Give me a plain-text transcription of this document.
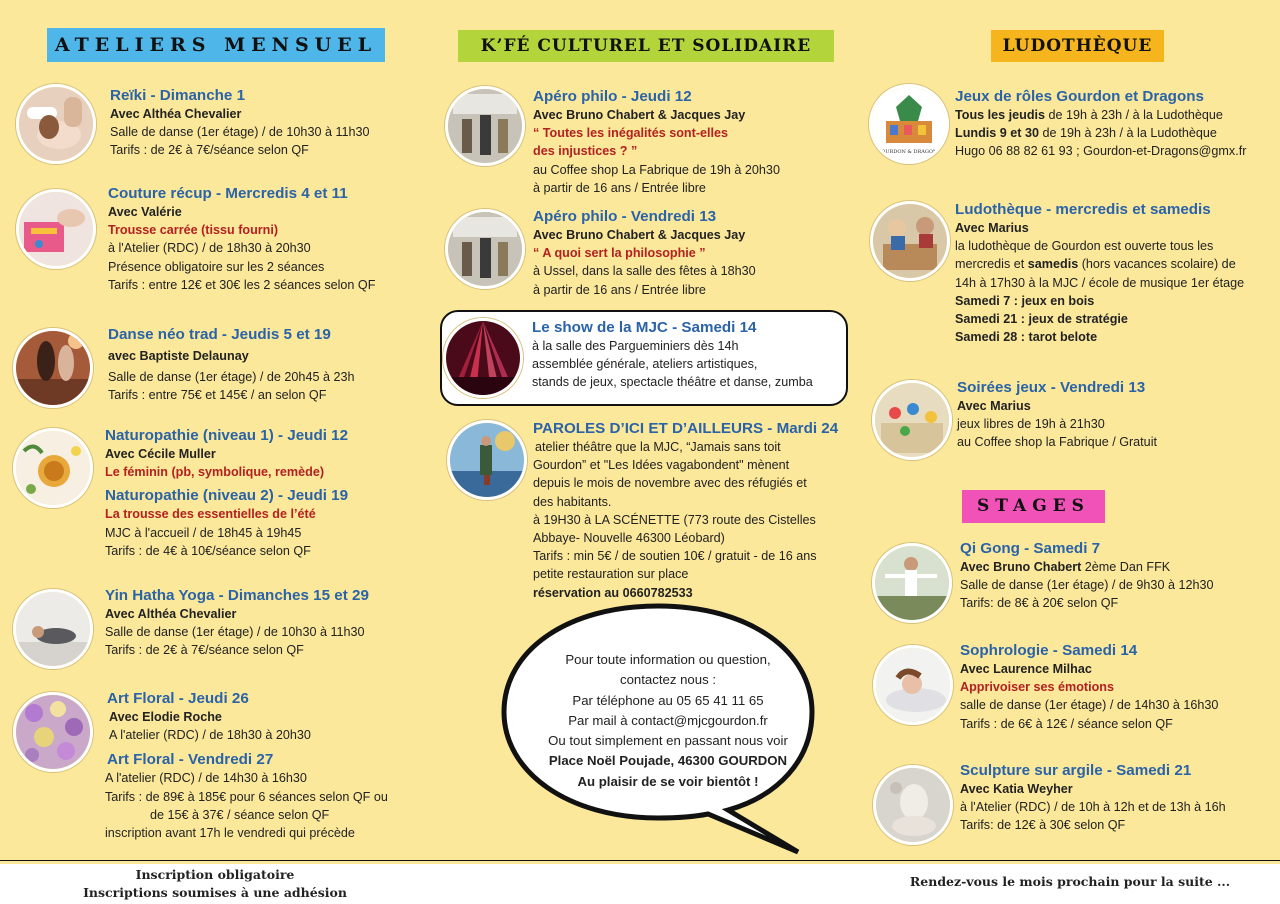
ATELIERS MENSUEL	K’FÉ CULTUREL ET SOLIDAIRE	LUDOTHÈQUE
STAGES
Reïki - Dimanche 1
Avec Althéa Chevalier
Salle de danse (1er étage) / de 10h30 à 11h30
Tarifs : de 2€ à 7€/séance selon QF
Couture récup - Mercredis 4 et 11
Avec Valérie
Trousse carrée (tissu fourni)
à l'Atelier (RDC) / de 18h30 à 20h30
Présence obligatoire sur les 2 séances
Tarifs : entre 12€ et 30€ les 2 séances selon QF
Danse néo trad - Jeudis 5 et 19
avec Baptiste Delaunay
Salle de danse (1er étage) / de 20h45 à 23h
Tarifs : entre 75€ et 145€ / an selon QF
Naturopathie (niveau 1) - Jeudi 12
Avec Cécile Muller
Le féminin (pb, symbolique, remède)
Naturopathie (niveau 2) - Jeudi 19
La trousse des essentielles de l’été
MJC à l'accueil / de 18h45 à 19h45
Tarifs : de 4€ à 10€/séance selon QF
Yin Hatha Yoga - Dimanches 15 et 29
Avec Althéa Chevalier
Salle de danse (1er étage) / de 10h30 à 11h30
Tarifs : de 2€ à 7€/séance selon QF
Art Floral - Jeudi 26
Avec Elodie Roche
A l'atelier (RDC) / de 18h30 à 20h30
Art Floral - Vendredi 27
A l'atelier (RDC) / de 14h30 à 16h30
Tarifs : de 89€ à 185€ pour 6 séances selon QF ou
de 15€ à 37€ / séance selon QF
inscription avant 17h le vendredi qui précède
Apéro philo - Jeudi 12
Avec Bruno Chabert & Jacques Jay
“ Toutes les inégalités sont-elles
des injustices ? ”
au Coffee shop La Fabrique de 19h à 20h30
à partir de 16 ans / Entrée libre
Apéro philo - Vendredi 13
Avec Bruno Chabert & Jacques Jay
“ A quoi sert la philosophie ”
à Ussel, dans la salle des fêtes à 18h30
à partir de 16 ans / Entrée libre
Le show de la MJC - Samedi 14
à la salle des Pargueminiers dès 14h
assemblée générale, ateliers artistiques,
stands de jeux, spectacle théâtre et danse, zumba
PAROLES D’ICI ET D’AILLEURS - Mardi 24
atelier théâtre que la MJC, “Jamais sans toit
Gourdon” et "Les Idées vagabondent" mènent
depuis le mois de novembre avec des réfugiés et
des habitants.
à 19H30 à LA SCÉNETTE (773 route des Cistelles
Abbaye- Nouvelle 46300 Léobard)
Tarifs : min 5€ / de soutien 10€ / gratuit - de 16 ans
petite restauration sur place
réservation au 0660782533
Pour toute information ou question,
contactez nous :
Par téléphone au 05 65 41 11 65
Par mail à contact@mjcgourdon.fr
Ou tout simplement en passant nous voir
Place Noël Poujade, 46300 GOURDON
Au plaisir de se voir bientôt !
GOURDON & DRAGONS
Jeux de rôles Gourdon et Dragons
Tous les jeudis de 19h à 23h / à la Ludothèque
Lundis 9 et 30 de 19h à 23h / à la Ludothèque
Hugo 06 88 82 61 93 ; Gourdon-et-Dragons@gmx.fr
Ludothèque - mercredis et samedis
Avec Marius
la ludothèque de Gourdon est ouverte tous les
mercredis et samedis (hors vacances scolaire) de
14h à 17h30 à la MJC / école de musique 1er étage
Samedi 7 : jeux en bois
Samedi 21 : jeux de stratégie
Samedi 28 : tarot belote
Soirées jeux - Vendredi 13
Avec Marius
jeux libres de 19h à 21h30
au Coffee shop la Fabrique / Gratuit
Qi Gong - Samedi 7
Avec Bruno Chabert 2ème Dan FFK
Salle de danse (1er étage) / de 9h30 à 12h30
Tarifs: de 8€ à 20€ selon QF
Sophrologie - Samedi 14
Avec Laurence Milhac
Apprivoiser ses émotions
salle de danse (1er étage) / de 14h30 à 16h30
Tarifs : de 6€ à 12€ / séance selon QF
Sculpture sur argile - Samedi 21
Avec Katia Weyher
à l'Atelier (RDC) / de 10h à 12h et de 13h à 16h
Tarifs: de 12€ à 30€ selon QF
Inscription obligatoire
Inscriptions soumises à une adhésion
Rendez-vous le mois prochain pour la suite ...
